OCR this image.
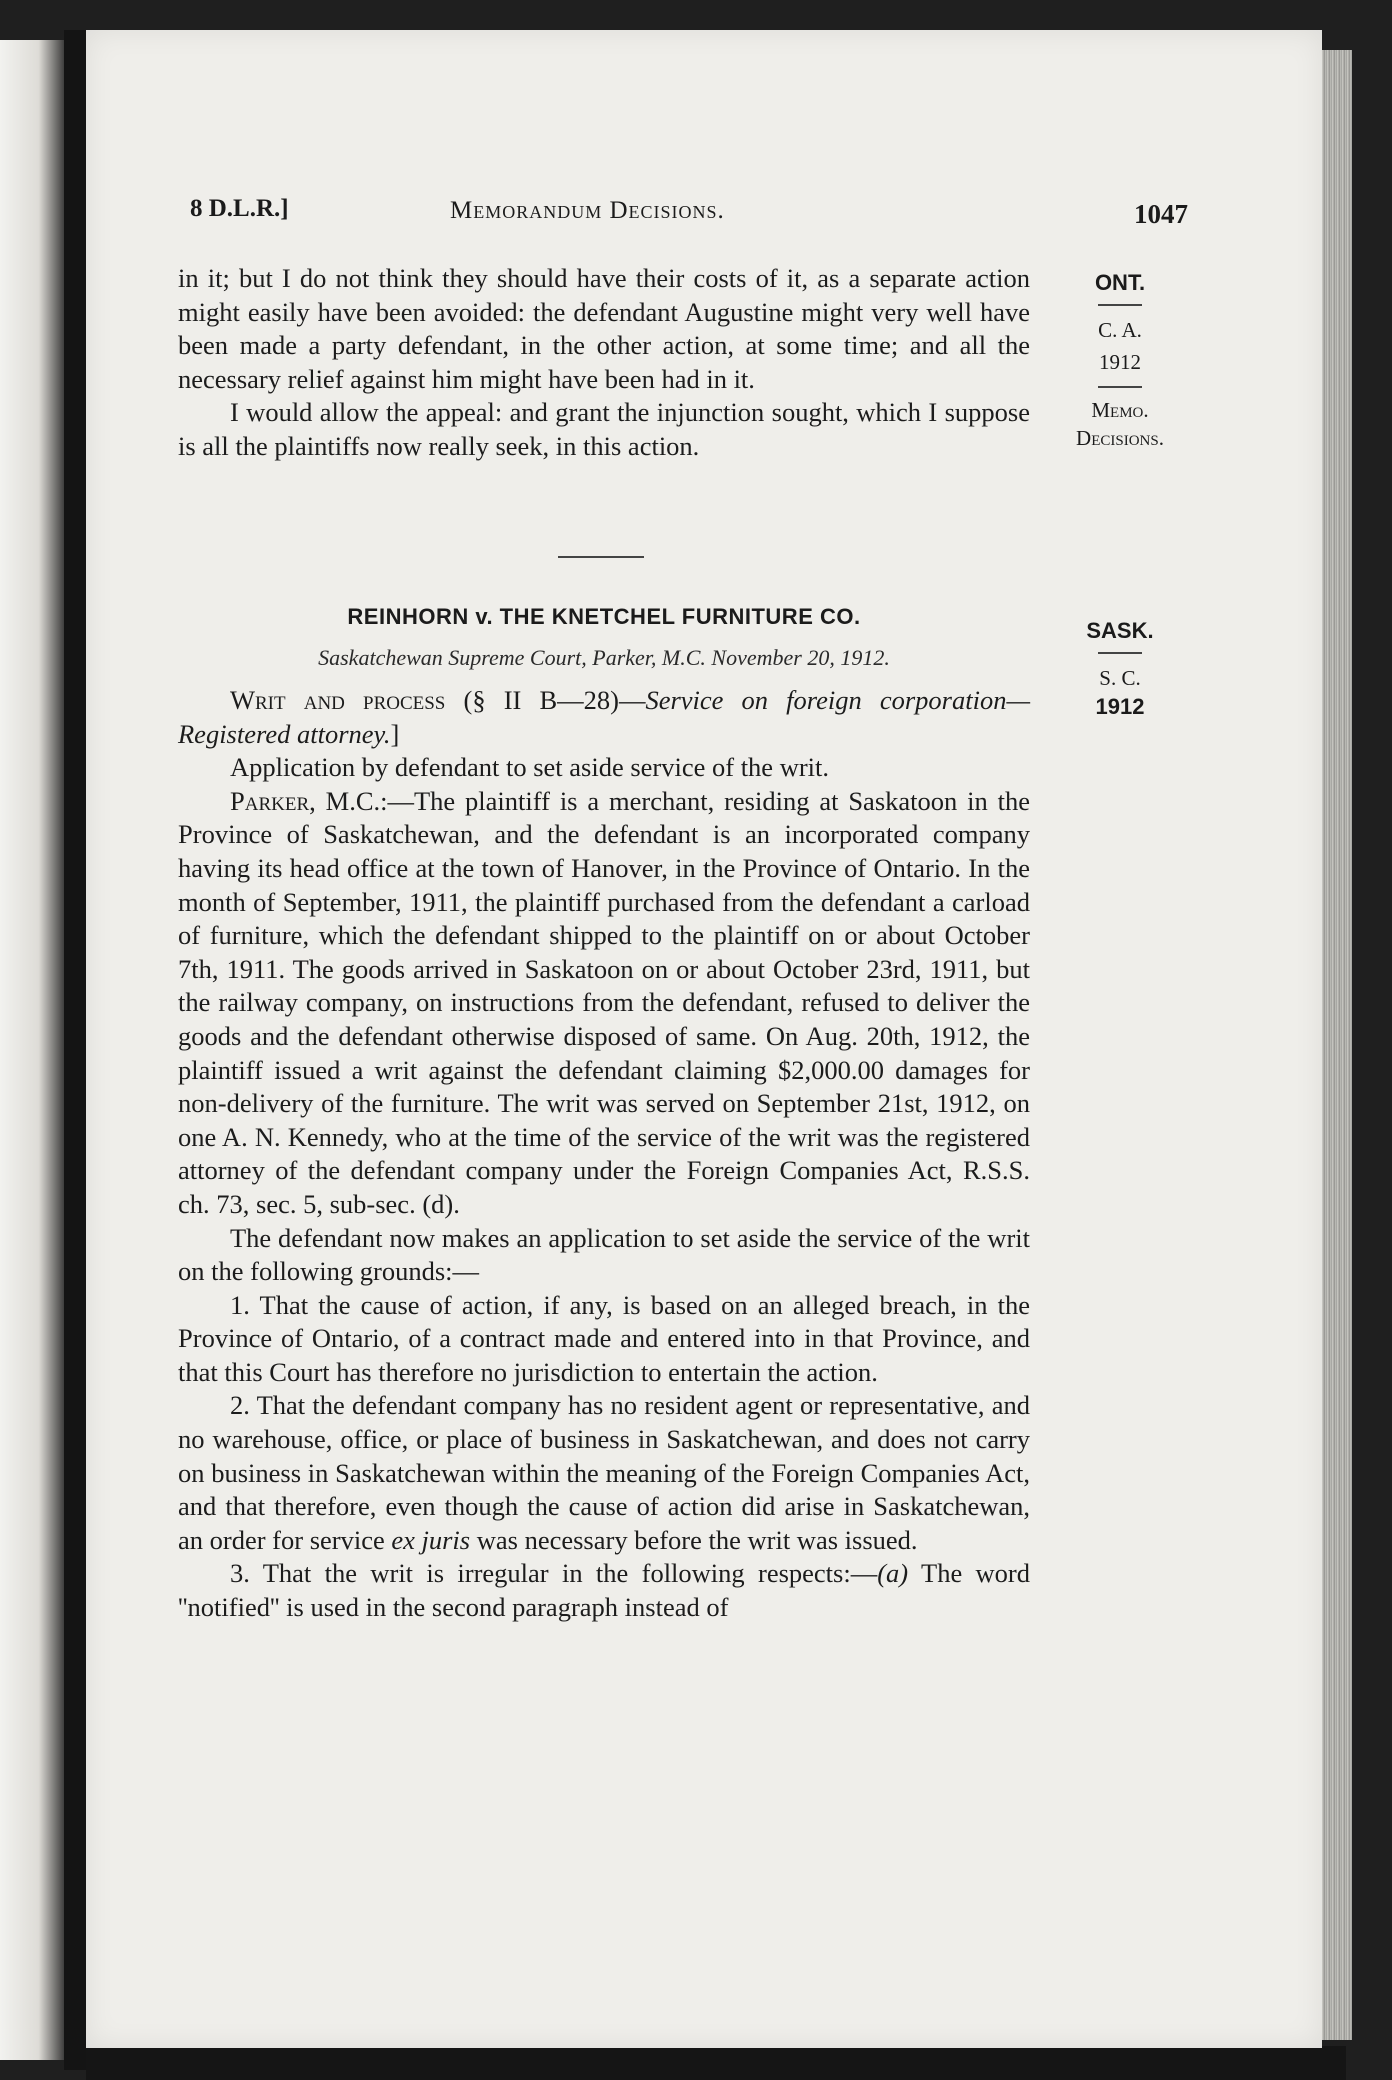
8 D.L.R.]	Memorandum Decisions.	1047

in it; but I do not think they should have their costs of it, as a separate action might easily have been avoided: the defendant Augustine might very well have been made a party defendant, in the other action, at some time; and all the necessary relief against him might have been had in it.

I would allow the appeal: and grant the injunction sought, which I suppose is all the plaintiffs now really seek, in this action.

ONT.
C. A.
1912
Memo.
Decisions.
REINHORN v. THE KNETCHEL FURNITURE CO.
Saskatchewan Supreme Court, Parker, M.C. November 20, 1912.
SASK.
S. C.
1912

Writ and process (§ II B—28)—Service on foreign corporation—Registered attorney.]

Application by defendant to set aside service of the writ.

Parker, M.C.:—The plaintiff is a merchant, residing at Saskatoon in the Province of Saskatchewan, and the defendant is an incorporated company having its head office at the town of Hanover, in the Province of Ontario. In the month of September, 1911, the plaintiff purchased from the defendant a carload of furniture, which the defendant shipped to the plaintiff on or about October 7th, 1911. The goods arrived in Saskatoon on or about October 23rd, 1911, but the railway company, on instructions from the defendant, refused to deliver the goods and the defendant otherwise disposed of same. On Aug. 20th, 1912, the plaintiff issued a writ against the defendant claiming $2,000.00 damages for non-delivery of the furniture. The writ was served on September 21st, 1912, on one A. N. Kennedy, who at the time of the service of the writ was the registered attorney of the defendant company under the Foreign Companies Act, R.S.S. ch. 73, sec. 5, sub-sec. (d).

The defendant now makes an application to set aside the service of the writ on the following grounds:—

1. That the cause of action, if any, is based on an alleged breach, in the Province of Ontario, of a contract made and entered into in that Province, and that this Court has therefore no jurisdiction to entertain the action.

2. That the defendant company has no resident agent or representative, and no warehouse, office, or place of business in Saskatchewan, and does not carry on business in Saskatchewan within the meaning of the Foreign Companies Act, and that therefore, even though the cause of action did arise in Saskatchewan, an order for service ex juris was necessary before the writ was issued.

3. That the writ is irregular in the following respects:—(a) The word ''notified'' is used in the second paragraph instead of
